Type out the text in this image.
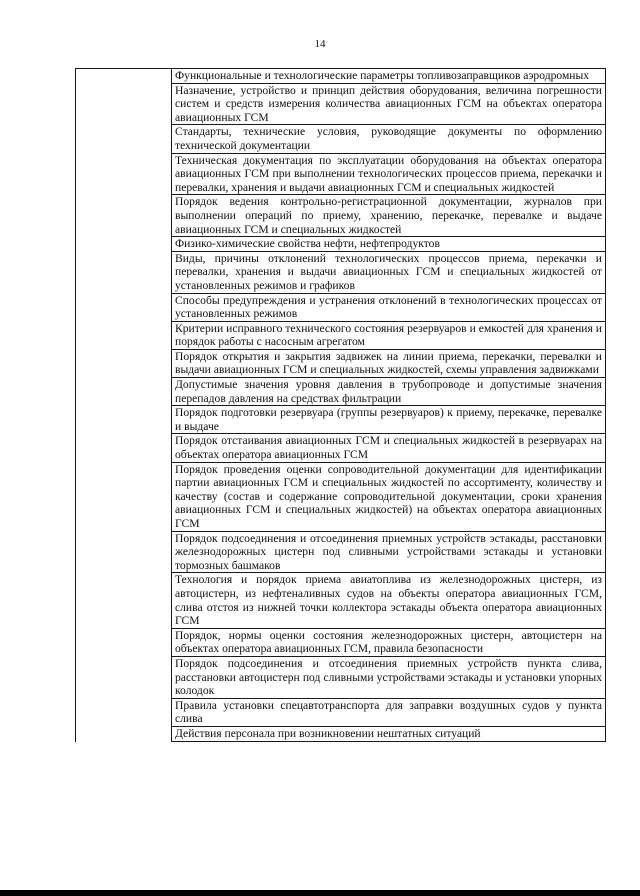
14
Функциональные и технологические параметры топливозаправщиков аэродромных
Назначение, устройство и принцип действия оборудования, величина погрешности систем и средств измерения количества авиационных ГСМ на объектах оператора авиационных ГСМ
Стандарты, технические условия, руководящие документы по оформлению технической документации
Техническая документация по эксплуатации оборудования на объектах оператора авиационных ГСМ при выполнении технологических процессов приема, перекачки и перевалки, хранения и выдачи авиационных ГСМ и специальных жидкостей
Порядок ведения контрольно-регистрационной документации, журналов при выполнении операций по приему, хранению, перекачке, перевалке и выдаче авиационных ГСМ и специальных жидкостей
Физико-химические свойства нефти, нефтепродуктов
Виды, причины отклонений технологических процессов приема, перекачки и перевалки, хранения и выдачи авиационных ГСМ и специальных жидкостей от установленных режимов и графиков
Способы предупреждения и устранения отклонений в технологических процессах от установленных режимов
Критерии исправного технического состояния резервуаров и емкостей для хранения и порядок работы с насосным агрегатом
Порядок открытия и закрытия задвижек на линии приема, перекачки, перевалки и выдачи авиационных ГСМ и специальных жидкостей, схемы управления задвижками
Допустимые значения уровня давления в трубопроводе и допустимые значения перепадов давления на средствах фильтрации
Порядок подготовки резервуара (группы резервуаров) к приему, перекачке, перевалке и выдаче
Порядок отстаивания авиационных ГСМ и специальных жидкостей в резервуарах на объектах оператора авиационных ГСМ
Порядок проведения оценки сопроводительной документации для идентификации партии авиационных ГСМ и специальных жидкостей по ассортименту, количеству и качеству (состав и содержание сопроводительной документации, сроки хранения авиационных ГСМ и специальных жидкостей) на объектах оператора авиационных ГСМ
Порядок подсоединения и отсоединения приемных устройств эстакады, расстановки железнодорожных цистерн под сливными устройствами эстакады и установки тормозных башмаков
Технология и порядок приема авиатоплива из железнодорожных цистерн, из автоцистерн, из нефтеналивных судов на объекты оператора авиационных ГСМ, слива отстоя из нижней точки коллектора эстакады объекта оператора авиационных ГСМ
Порядок, нормы оценки состояния железнодорожных цистерн, автоцистерн на объектах оператора авиационных ГСМ, правила безопасности
Порядок подсоединения и отсоединения приемных устройств пункта слива, расстановки автоцистерн под сливными устройствами эстакады и установки упорных колодок
Правила установки спецавтотранспорта для заправки воздушных судов у пункта слива
Действия персонала при возникновении нештатных ситуаций
